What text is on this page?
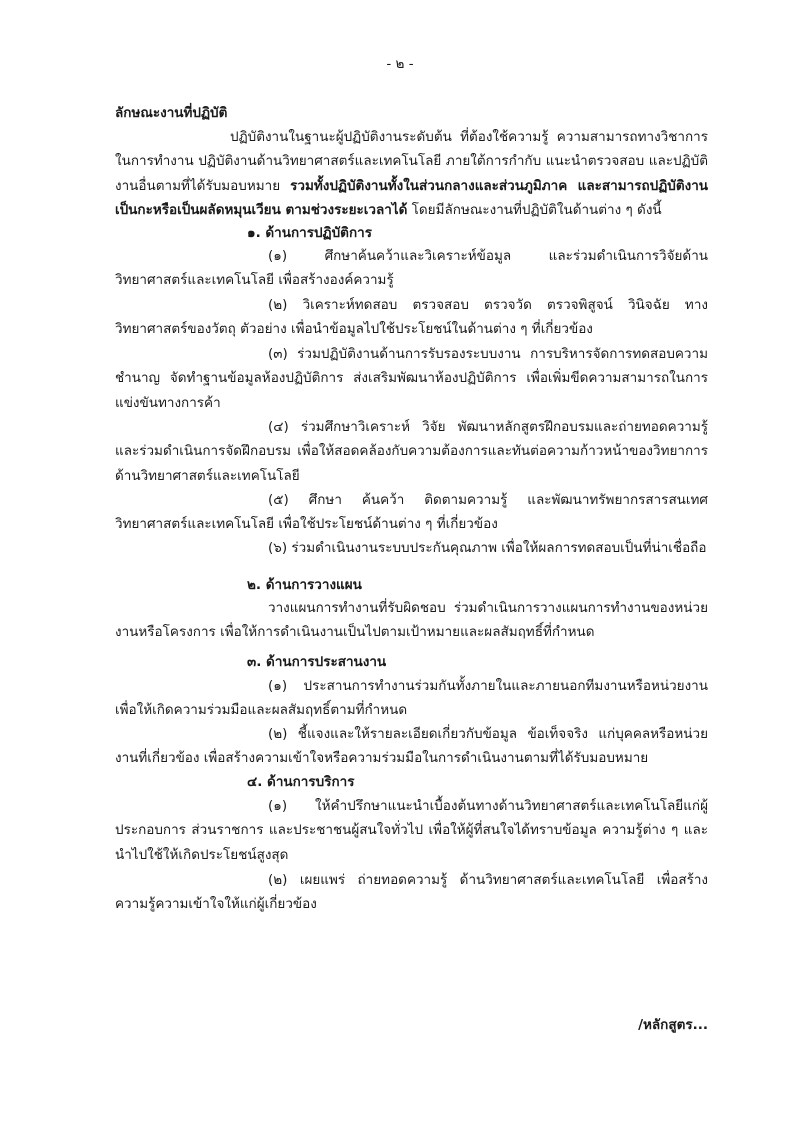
- ๒ -
ลักษณะงานที่ปฏิบัติ
ปฏิบัติงานในฐานะผู้ปฏิบัติงานระดับต้น ที่ต้องใช้ความรู้ ความสามารถทางวิชาการในการทำงาน ปฏิบัติงานด้านวิทยาศาสตร์และเทคโนโลยี ภายใต้การกำกับ แนะนำตรวจสอบ และปฏิบัติงานอื่นตามที่ได้รับมอบหมาย รวมทั้งปฏิบัติงานทั้งในส่วนกลางและส่วนภูมิภาค และสามารถปฏิบัติงานเป็นกะหรือเป็นผลัดหมุนเวียน ตามช่วงระยะเวลาได้ โดยมีลักษณะงานที่ปฏิบัติในด้านต่าง ๆ ดังนี้
๑. ด้านการปฏิบัติการ
(๑) ศึกษาค้นคว้าและวิเคราะห์ข้อมูล และร่วมดำเนินการวิจัยด้านวิทยาศาสตร์และเทคโนโลยี เพื่อสร้างองค์ความรู้
(๒) วิเคราะห์ทดสอบ ตรวจสอบ ตรวจวัด ตรวจพิสูจน์ วินิจฉัย ทางวิทยาศาสตร์ของวัตถุ ตัวอย่าง เพื่อนำข้อมูลไปใช้ประโยชน์ในด้านต่าง ๆ ที่เกี่ยวข้อง
(๓) ร่วมปฏิบัติงานด้านการรับรองระบบงาน การบริหารจัดการทดสอบความชำนาญ จัดทำฐานข้อมูลห้องปฏิบัติการ ส่งเสริมพัฒนาห้องปฏิบัติการ เพื่อเพิ่มขีดความสามารถในการแข่งขันทางการค้า
(๔) ร่วมศึกษาวิเคราะห์ วิจัย พัฒนาหลักสูตรฝึกอบรมและถ่ายทอดความรู้และร่วมดำเนินการจัดฝึกอบรม เพื่อให้สอดคล้องกับความต้องการและทันต่อความก้าวหน้าของวิทยาการด้านวิทยาศาสตร์และเทคโนโลยี
(๕) ศึกษา ค้นคว้า ติดตามความรู้ และพัฒนาทรัพยากรสารสนเทศวิทยาศาสตร์และเทคโนโลยี เพื่อใช้ประโยชน์ด้านต่าง ๆ ที่เกี่ยวข้อง
(๖) ร่วมดำเนินงานระบบประกันคุณภาพ เพื่อให้ผลการทดสอบเป็นที่น่าเชื่อถือ
๒. ด้านการวางแผน
วางแผนการทำงานที่รับผิดชอบ ร่วมดำเนินการวางแผนการทำงานของหน่วยงานหรือโครงการ เพื่อให้การดำเนินงานเป็นไปตามเป้าหมายและผลสัมฤทธิ์ที่กำหนด
๓. ด้านการประสานงาน
(๑) ประสานการทำงานร่วมกันทั้งภายในและภายนอกทีมงานหรือหน่วยงานเพื่อให้เกิดความร่วมมือและผลสัมฤทธิ์ตามที่กำหนด
(๒) ชี้แจงและให้รายละเอียดเกี่ยวกับข้อมูล ข้อเท็จจริง แก่บุคคลหรือหน่วยงานที่เกี่ยวข้อง เพื่อสร้างความเข้าใจหรือความร่วมมือในการดำเนินงานตามที่ได้รับมอบหมาย
๔. ด้านการบริการ
(๑) ให้คำปรึกษาแนะนำเบื้องต้นทางด้านวิทยาศาสตร์และเทคโนโลยีแก่ผู้ประกอบการ ส่วนราชการ และประชาชนผู้สนใจทั่วไป เพื่อให้ผู้ที่สนใจได้ทราบข้อมูล ความรู้ต่าง ๆ และนำไปใช้ให้เกิดประโยชน์สูงสุด
(๒) เผยแพร่ ถ่ายทอดความรู้ ด้านวิทยาศาสตร์และเทคโนโลยี เพื่อสร้างความรู้ความเข้าใจให้แก่ผู้เกี่ยวข้อง
/หลักสูตร...
